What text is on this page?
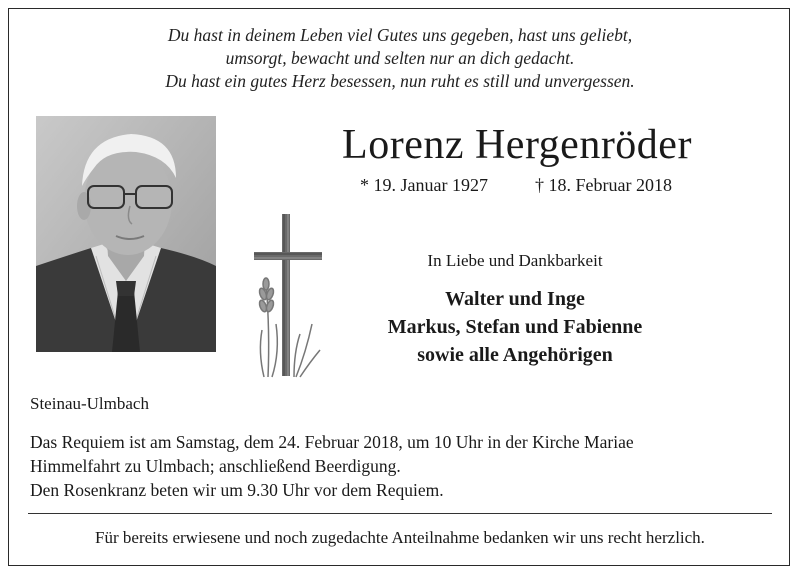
Du hast in deinem Leben viel Gutes uns gegeben, hast uns geliebt,
umsorgt, bewacht und selten nur an dich gedacht.
Du hast ein gutes Herz besessen, nun ruht es still und unvergessen.
Lorenz Hergenröder
* 19. Januar 1927	† 18. Februar 2018
In Liebe und Dankbarkeit
Walter und Inge
Markus, Stefan und Fabienne
sowie alle Angehörigen
Steinau-Ulmbach
Das Requiem ist am Samstag, dem 24. Februar 2018, um 10 Uhr in der Kirche Mariae
Himmelfahrt zu Ulmbach; anschließend Beerdigung.
Den Rosenkranz beten wir um 9.30 Uhr vor dem Requiem.
Für bereits erwiesene und noch zugedachte Anteilnahme bedanken wir uns recht herzlich.
